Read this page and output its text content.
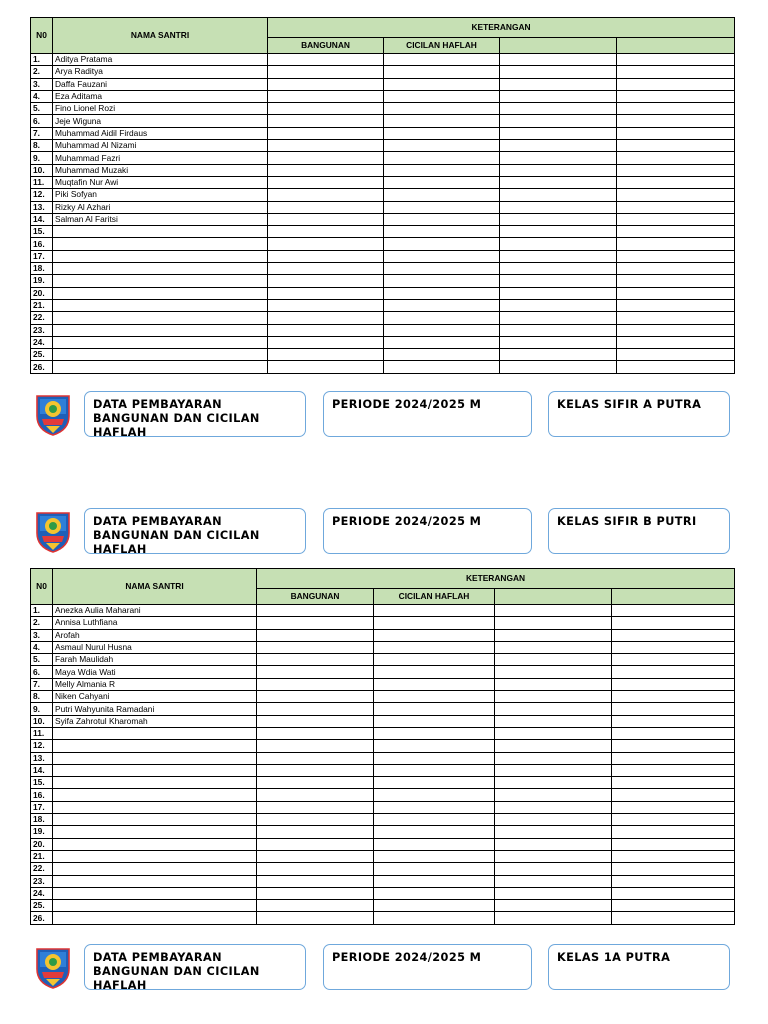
N0	NAMA SANTRI	KETERANGAN			
		BANGUNAN	CICILAN HAFLAH		
1.	Aditya Pratama				
2.	Arya Raditya				
3.	Daffa Fauzani				
4.	Eza Aditama				
5.	Fino Lionel Rozi				
6.	Jeje Wiguna				
7.	Muhammad Aidil Firdaus				
8.	Muhammad Al Nizami				
9.	Muhammad Fazri				
10.	Muhammad Muzaki				
11.	Muqtafin Nur Awi				
12.	Piki Sofyan				
13.	Rizky Al Azhari				
14.	Salman Al Faritsi				
15.					
16.					
17.					
18.					
19.					
20.					
21.					
22.					
23.					
24.					
25.					
26.					
DATA PEMBAYARAN BANGUNAN DAN CICILAN HAFLAH
PERIODE 2024/2025 M	KELAS SIFIR A PUTRA
DATA PEMBAYARAN BANGUNAN DAN CICILAN HAFLAH
PERIODE 2024/2025 M	KELAS SIFIR B PUTRI
N0	NAMA SANTRI	KETERANGAN			
		BANGUNAN	CICILAN HAFLAH		
1.	Anezka Aulia Maharani				
2.	Annisa Luthfiana				
3.	Arofah				
4.	Asmaul Nurul Husna				
5.	Farah Maulidah				
6.	Maya Wdia Wati				
7.	Melly Almania R				
8.	Niken Cahyani				
9.	Putri Wahyunita Ramadani				
10.	Syifa Zahrotul Kharomah				
11.					
12.					
13.					
14.					
15.					
16.					
17.					
18.					
19.					
20.					
21.					
22.					
23.					
24.					
25.					
26.					
DATA PEMBAYARAN BANGUNAN DAN CICILAN HAFLAH
PERIODE 2024/2025 M	KELAS 1A PUTRA
